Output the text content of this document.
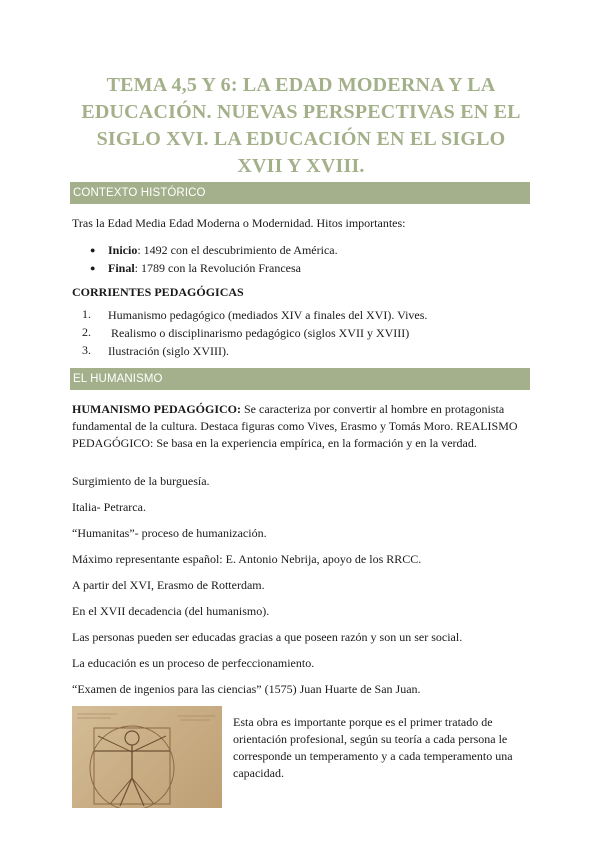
TEMA 4,5 Y 6: LA EDAD MODERNA Y LA
EDUCACIÓN. NUEVAS PERSPECTIVAS EN EL
SIGLO XVI. LA EDUCACIÓN EN EL SIGLO
XVII Y XVIII.
CONTEXTO HISTÓRICO
Tras la Edad Media Edad Moderna o Modernidad. Hitos importantes:
● Inicio: 1492 con el descubrimiento de América.
● Final: 1789 con la Revolución Francesa
CORRIENTES PEDAGÓGICAS
1. Humanismo pedagógico (mediados XIV a finales del XVI). Vives.
2. Realismo o disciplinarismo pedagógico (siglos XVII y XVIII)
3. Ilustración (siglo XVIII).
EL HUMANISMO
HUMANISMO PEDAGÓGICO: Se caracteriza por convertir al hombre en protagonista fundamental de la cultura. Destaca figuras como Vives, Erasmo y Tomás Moro. REALISMO PEDAGÓGICO: Se basa en la experiencia empírica, en la formación y en la verdad.
Surgimiento de la burguesía.
Italia- Petrarca.
“Humanitas”- proceso de humanización.
Máximo representante español: E. Antonio Nebrija, apoyo de los RRCC.
A partir del XVI, Erasmo de Rotterdam.
En el XVII decadencia (del humanismo).
Las personas pueden ser educadas gracias a que poseen razón y son un ser social.
La educación es un proceso de perfeccionamiento.
“Examen de ingenios para las ciencias” (1575) Juan Huarte de San Juan.
Esta obra es importante porque es el primer tratado de orientación profesional, según su teoría a cada persona le corresponde un temperamento y a cada temperamento una capacidad.
